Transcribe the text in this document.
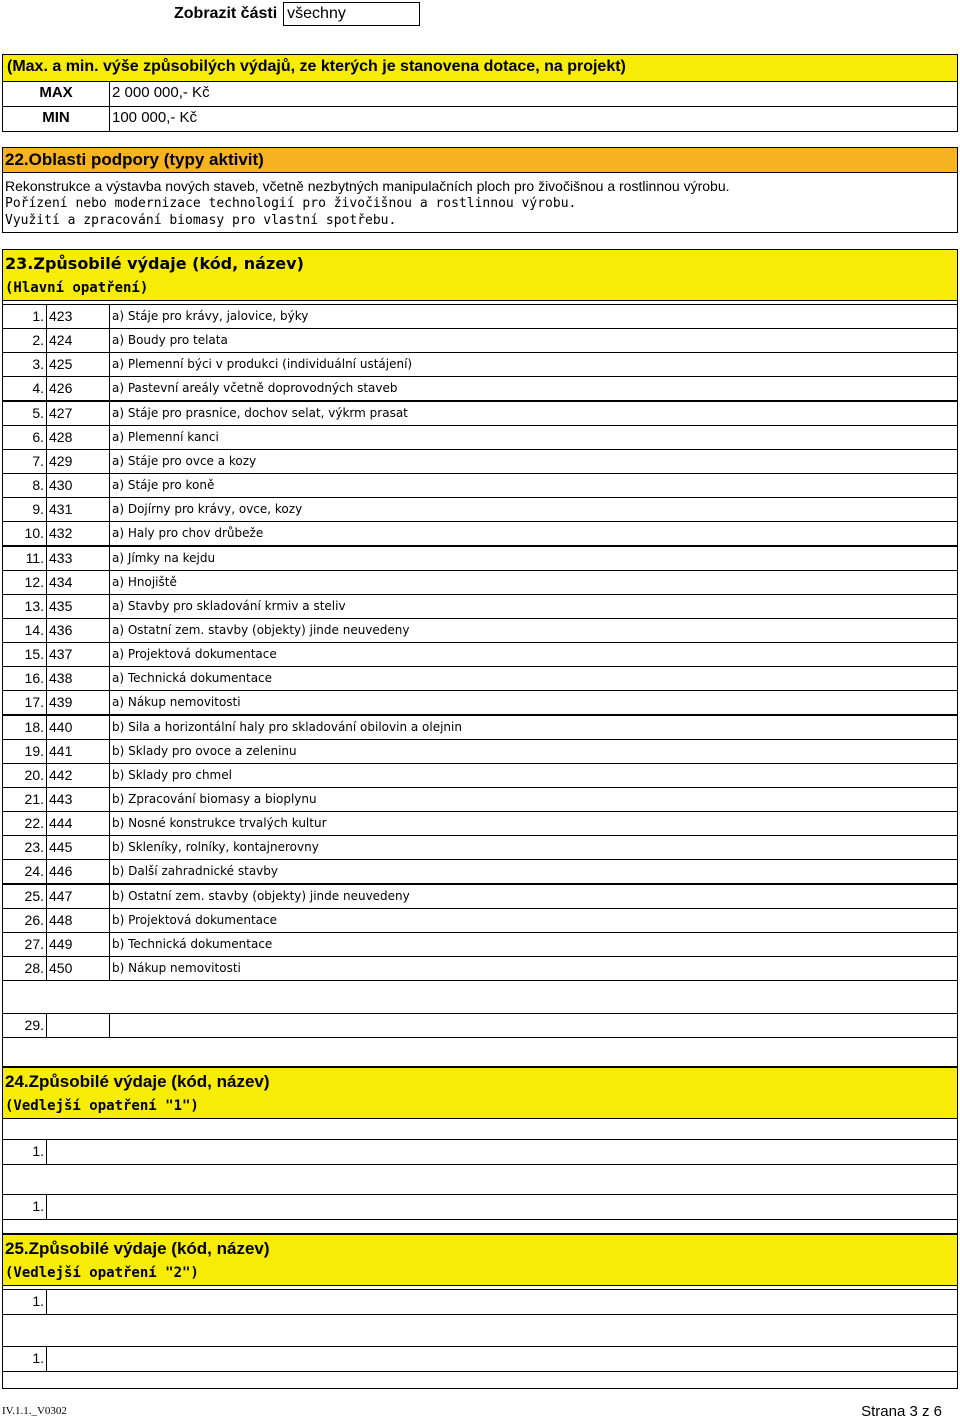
Zobrazit části všechny
(Max. a min. výše způsobilých výdajů, ze kterých je stanovena dotace, na projekt)
MAX	2 000 000,- Kč
MIN	100 000,- Kč
22.Oblasti podpory (typy aktivit)
Rekonstrukce a výstavba nových staveb, včetně nezbytných manipulačních ploch pro živočišnou a rostlinnou výrobu.
Pořízení nebo modernizace technologií pro živočišnou a rostlinnou výrobu.
Využití a zpracování biomasy pro vlastní spotřebu.
23.Způsobilé výdaje (kód, název)
(Hlavní opatření)
1. 423	a) Stáje pro krávy, jalovice, býky
2. 424	a) Boudy pro telata
3. 425	a) Plemenní býci v produkci (individuální ustájení)
4. 426	a) Pastevní areály včetně doprovodných staveb
5. 427	a) Stáje pro prasnice, dochov selat, výkrm prasat
6. 428	a) Plemenní kanci
7. 429	a) Stáje pro ovce a kozy
8. 430	a) Stáje pro koně
9. 431	a) Dojírny pro krávy, ovce, kozy
10. 432	a) Haly pro chov drůbeže
11. 433	a) Jímky na kejdu
12. 434	a) Hnojiště
13. 435	a) Stavby pro skladování krmiv a steliv
14. 436	a) Ostatní zem. stavby (objekty) jinde neuvedeny
15. 437	a) Projektová dokumentace
16. 438	a) Technická dokumentace
17. 439	a) Nákup nemovitosti
18. 440	b) Sila a horizontální haly pro skladování obilovin a olejnin
19. 441	b) Sklady pro ovoce a zeleninu
20. 442	b) Sklady pro chmel
21. 443	b) Zpracování biomasy a bioplynu
22. 444	b) Nosné konstrukce trvalých kultur
23. 445	b) Skleníky, rolníky, kontajnerovny
24. 446	b) Další zahradnické stavby
25. 447	b) Ostatní zem. stavby (objekty) jinde neuvedeny
26. 448	b) Projektová dokumentace
27. 449	b) Technická dokumentace
28. 450	b) Nákup nemovitosti
29.
24.Způsobilé výdaje (kód, název)
(Vedlejší opatření "1")
1.
1.
25.Způsobilé výdaje (kód, název)
(Vedlejší opatření "2")
1.
1.
IV.1.1._V0302	Strana 3 z 6
